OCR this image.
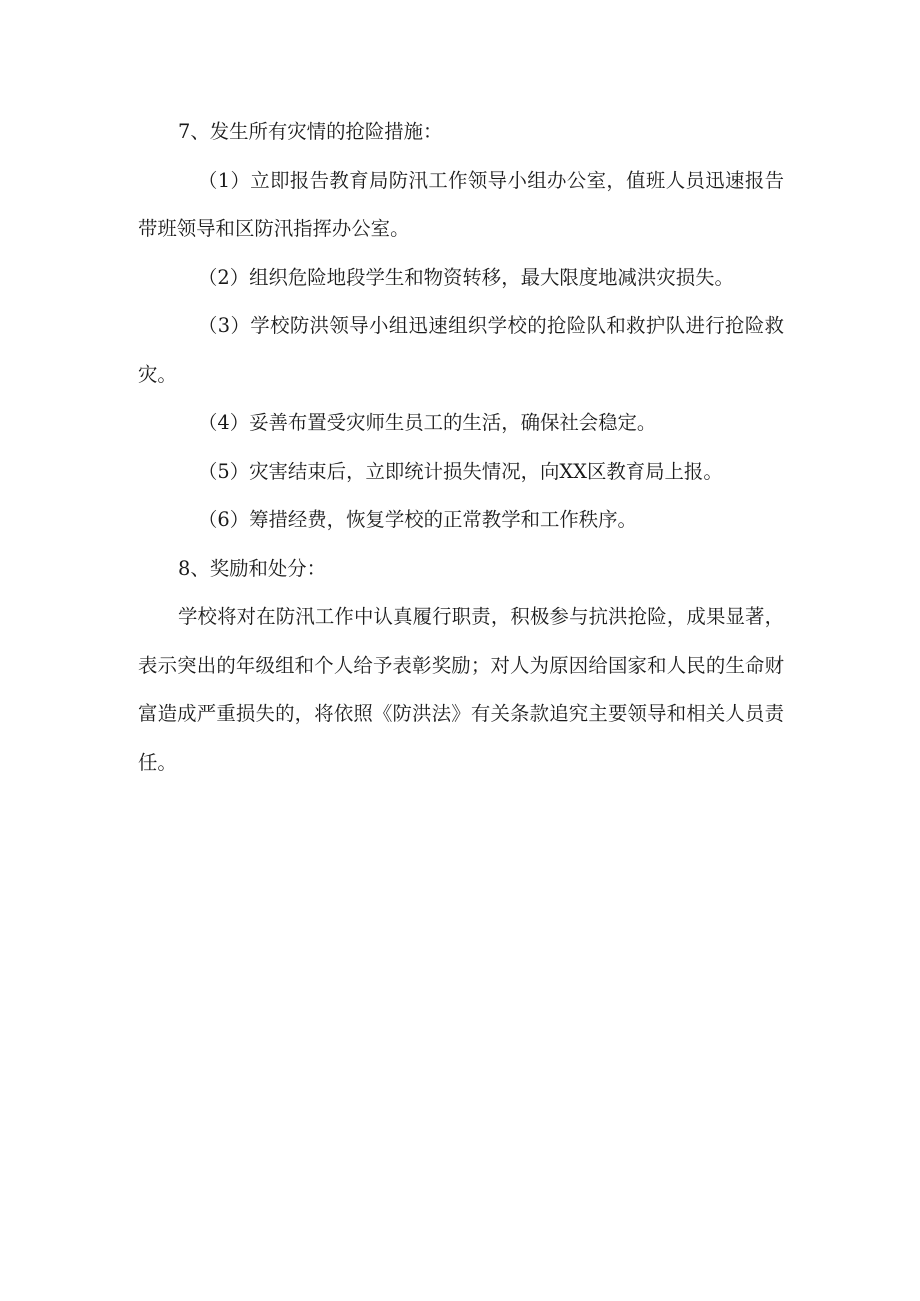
7、发生所有灾情的抢险措施：

（1）立即报告教育局防汛工作领导小组办公室，值班人员迅速报告带班领导和区防汛指挥办公室。

（2）组织危险地段学生和物资转移，最大限度地减洪灾损失。

（3）学校防洪领导小组迅速组织学校的抢险队和救护队进行抢险救灾。

（4）妥善布置受灾师生员工的生活，确保社会稳定。

（5）灾害结束后，立即统计损失情况，向XX区教育局上报。

（6）筹措经费，恢复学校的正常教学和工作秩序。

8、奖励和处分：

学校将对在防汛工作中认真履行职责，积极参与抗洪抢险，成果显著，表示突出的年级组和个人给予表彰奖励；对人为原因给国家和人民的生命财富造成严重损失的，将依照《防洪法》有关条款追究主要领导和相关人员责任。
